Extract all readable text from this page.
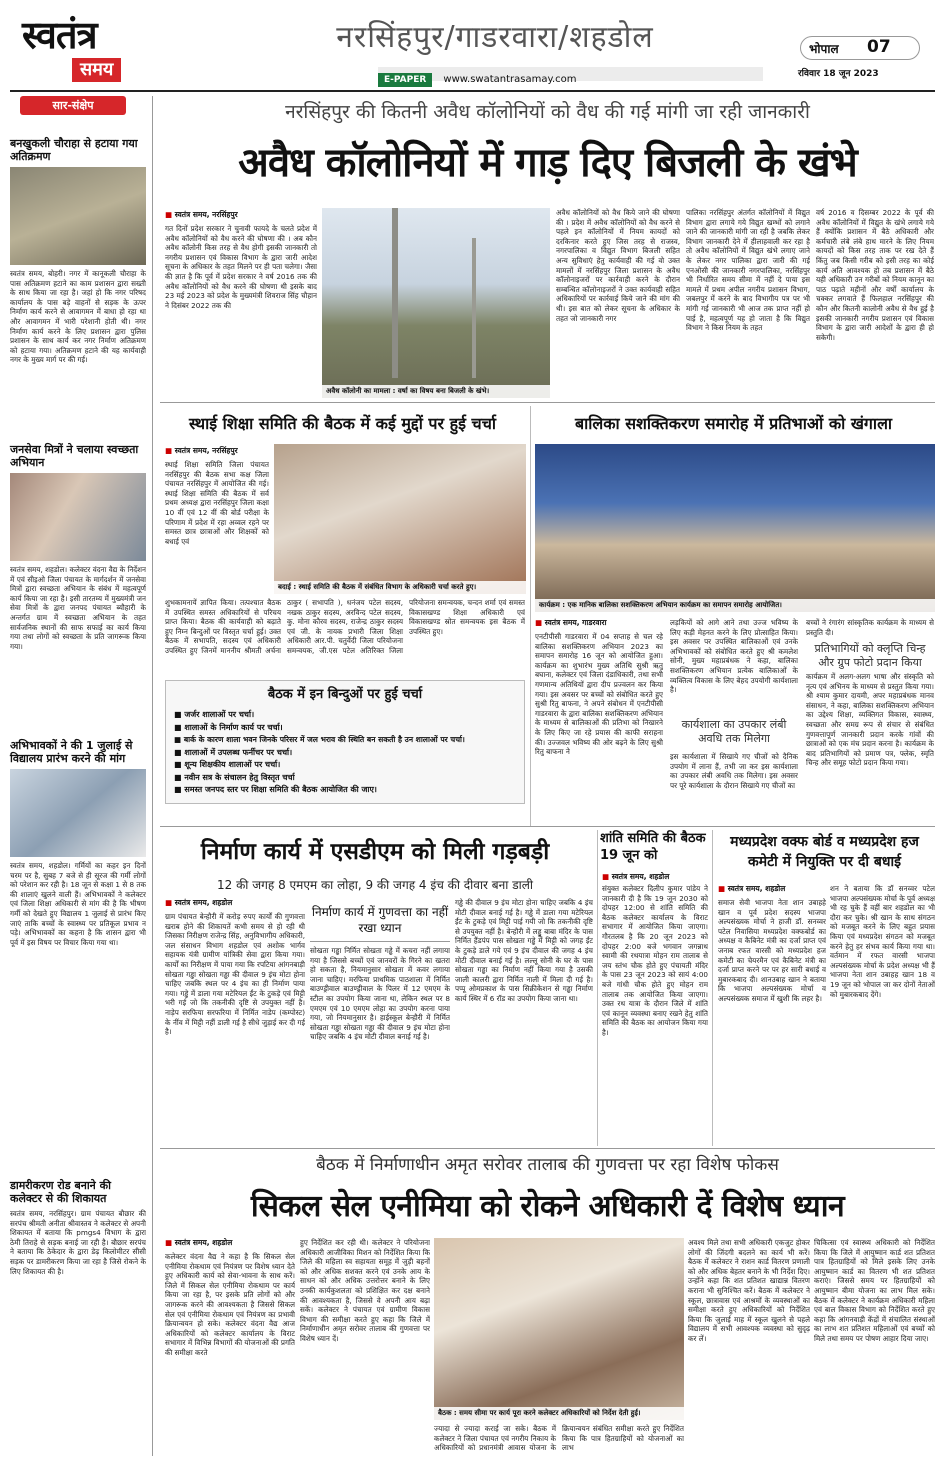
स्वतंत्र
समय
नरसिंहपुर/गाडरवारा/शहडोल
E-PAPER www.swatantrasamay.com
भोपाल 07
रविवार 18 जून 2023
सार-संक्षेप
बनखुकली चौराहा से हटाया गया अतिक्रमण
स्वतंत्र समय, बोहरी। नगर में कानूकली चौराहा के पास अतिक्रमण हटाने का काम प्रशासन द्वारा सख्ती के साथ किया जा रहा है। जहां हो कि नगर परिषद कार्यालय के पास बड़े वाहनों से सड़क के ऊपर निर्माण कार्य करने से आवागमन में बाधा हो रहा था और आवागमन में भारी परेशानी होती थी। नगर निर्माण कार्य करने के लिए प्रशासन द्वारा पुलिस प्रशासन के साथ कार्य कर नगर निर्माण अतिक्रमण को हटाया गया। अतिक्रमण हटाने की यह कार्यवाही नगर के मुख्य मार्ग पर की गई।
जनसेवा मित्रों ने चलाया स्वच्छता अभियान
स्वतंत्र समय, शहडोल। कलेक्टर वंदना वैद्य के निर्देशन में एवं सीइओ जिला पंचायत के मार्गदर्शन में जनसेवा मित्रों द्वारा स्वच्छता अभियान के संबंध में महत्वपूर्ण कार्य किया जा रहा है। इसी तारतम्य में मुख्यमंत्री जन सेवा मित्रों के द्वारा जनपद पंचायत ब्यौहारी के अन्तर्गत ग्राम में स्वच्छता अभियान के तहत सार्वजनिक स्थानों की साफ सफाई का कार्य किया गया तथा लोगों को स्वच्छता के प्रति जागरूक किया गया।
अभिभावकों ने की 1 जुलाई से विद्यालय प्रारंभ करने की मांग
स्वतंत्र समय, शहडोल। गर्मियों का कहर इन दिनों चरम पर है, सुबह 7 बजे से ही सूरज की गर्मी लोगों को परेशान कर रही है। 18 जून से कक्षा 1 से 8 तक की शालाएं खुलने वाली हैं। अभिभावकों ने कलेक्टर एवं जिला शिक्षा अधिकारी से मांग की है कि भीषण गर्मी को देखते हुए विद्यालय 1 जुलाई से प्रारंभ किए जाएं ताकि बच्चों के स्वास्थ्य पर प्रतिकूल प्रभाव न पड़े। अभिभावकों का कहना है कि शासन द्वारा भी पूर्व में इस विषय पर विचार किया गया था।
डामरीकरण रोड बनाने की कलेक्टर से की शिकायत
स्वतंत्र समय, नरसिंहपुर। ग्राम पंचायत बौछार की सरपंच श्रीमती अनीता श्रीवास्तव ने कलेक्टर से अपनी शिकायत में बताया कि pmgs4 विभाग के द्वारा ठेमी तिराहे से सड़क बनाई जा रही है। बौछार सरपंच ने बताया कि ठेकेदार के द्वारा डेढ़ किलोमीटर सीसी सड़क पर डामरीकरण किया जा रहा है जिसे रोकने के लिए शिकायत की है।
नरसिंहपुर की कितनी अवैध कॉलोनियों को वैध की गई मांगी जा रही जानकारी
अवैध कॉलोनियों में गाड़ दिए बिजली के खंभे
■ स्वतंत्र समय, नरसिंहपुर
गत दिनों प्रदेश सरकार ने चुनावी फायदे के चलते प्रदेश में अवैध कॉलोनियों को वैध करने की घोषणा की । अब कौन अवैध कॉलोनी किस तरह से वैध होगी इसकी जानकारी तो नगरीय प्रशासन एवं विकास विभाग के द्वारा जारी आदेश सूचना के अधिकार के तहत मिलने पर ही पता चलेगा। जैसा की ज्ञात है कि पूर्व में प्रदेश सरकार ने वर्ष 2016 तक की अवैध कॉलोनियों को वैध करने की घोषणा थी इसके बाद 23 मई 2023 को प्रदेश के मुख्यमंत्री शिवराज सिंह चौहान ने दिसंबर 2022 तक की
अवैध कॉलोनी का मामला : वर्षा का विषय बना बिजली के खंभे।
अवैध कॉलोनियों को वैध किये जाने की घोषणा की । प्रदेश में अवैध कॉलोनियों को वैध करने से पहले इन कॉलोनियों में नियम कायदों को दरकिनार करते हुए जिस तरह से राजस्व, नगरपालिका व विद्युत विभाग बिजली सहित अन्य सुविधाएं हेतु कार्यवाही की गई वो उक्त मामलों में नरसिंहपुर जिला प्रशासन के अवैध कॉलोनाइजरों पर कार्रवाही करने के दौरान सम्बन्धित कॉलोनाइजरों ने उक्त कार्यवाही सहित अधिकारियों पर कार्रवाई किये जाने की मांग की थी। इस बात को लेकर सूचना के अधिकार के तहत जो जानकारी नगर
पालिका नरसिंहपुर अंतर्गत कॉलोनियों में विद्युत विभाग द्वारा लगाये गये विद्युत खम्भों को लगाने जाने की जानकारी मांगी जा रही है जबकि लेकर विभाग जानकारी देने में हीलाहवाली कर रहा है तो अवैध कॉलोनियों में विद्युत खंभे लगाए जाने के लेकर नगर पालिका द्वारा जारी की गई एनओसी की जानकारी नगरपालिका, नरसिंहपुर भी निर्धारित समय सीमा में नहीं दे पाया इस मामले में प्रथम अपील नगरीय प्रशासन विभाग, जबलपुर में करने के बाद विभागीय पत्र पर भी मांगी गई जानकारी भी आज तक प्राप्त नहीं हो पाई है, महत्वपूर्ण यह हो जाता है कि विद्युत विभाग ने किस नियम के तहत
वर्ष 2016 व दिसम्बर 2022 के पूर्व की अवैध कॉलोनियों में विद्युत के खंभे लगाये गये हैं क्योंकि प्रशासन में बैठे अधिकारी और कर्मचारी लंबे लंबे हाथ मारने के लिए नियम कायदों को किस तरह ताक पर रख देते हैं किंतु जब किसी गरीब को इसी तरह का कोई कार्य अति आवश्यक हो तब प्रशासन में बैठे यही अधिकारी उन गरीबों को नियम कानून का पाठ पढ़ाते महीनों और वर्षों कार्यालय के चक्कर लगवाते हैं फिलहाल नरसिंहपुर की कौन और कितनी कालोनी अवैध से वैध हुई है इसकी जानकारी नगरीय प्रशासन एवं विकास विभाग के द्वारा जारी आदेशों के द्वारा ही हो सकेगी।
स्थाई शिक्षा समिति की बैठक में कई मुद्दों पर हुई चर्चा
■ स्वतंत्र समय, नरसिंहपुर
स्थाई शिक्षा समिति जिला पंचायत नरसिंहपुर की बैठक सभा कक्ष जिला पंचायत नरसिंहपुर में आयोजित की गई। स्थाई शिक्षा समिति की बैठक में सर्व प्रथम अध्यक्ष द्वारा नरसिंहपुर जिला कक्षा 10 वीं एवं 12 वीं की बोर्ड परीक्षा के परिणाम में प्रदेश में रहा अव्वल रहने पर समस्त छात्र छात्राओं और शिक्षकों को बधाई एवं
बदाई : स्थाई समिति की बैठक में संबंधित विभाग के अधिकारी चर्चा करते हुए।
शुभकामनायें ज्ञापित किया। तत्पश्चात बैठक में उपस्थित समस्त अधिकारियों से परिचय प्राप्त किया। बैठक की कार्यवाही को बढ़ाते हुए निम्न बिन्दुओं पर विस्तृत चर्चा हुई। उक्त बैठक में सभापति, सदस्य एवं अधिकारी उपस्थित हुए जिनमें माननीय श्रीमती अर्चना ठाकुर ( सभापति ), धनंजय पटेल सदस्य, नखक ठाकुर सदस्य, अरविन्द पटेल सदस्य, कु. मोना कौरव सदस्य, राजेन्द्र ठाकुर सदस्य एवं जी. के नायक प्रभारी जिला शिक्षा अधिकारी आर.पी. चतुर्वेदी जिला परियोजना समन्वयक, जी.एस पटेल अतिरिक्त जिला परियोजना समन्वयक, चन्दन शर्मा एवं समस्त विकासखण्ड शिक्षा अधिकारी एवं विकासखण्ड स्रोत समन्वयक इस बैठक में उपस्थित हुए।
बैठक में इन बिन्दुओं पर हुई चर्चा
■ जर्जर शालाओं पर चर्चा।
■ शालाओं के निर्माण कार्य पर चर्चा।
■ बार्क के कारण शाला भवन जिनके परिसर में जल भराव की स्थिति बन सकती है उन शालाओं पर चर्चा।
■ शालाओं में उपलब्ध फर्नीचर पर चर्चा।
■ शून्य शिक्षकीय शालाओं पर चर्चा।
■ नवीन सत्र के संचालन हेतु विस्तृत चर्चा
■ समस्त जनपद स्तर पर शिक्षा समिति की बैठक आयोजित की जाए।
बालिका सशक्तिकरण समारोह में प्रतिभाओं को खंगाला
कार्यक्रम : एक मानिक बालिका सशक्तिकरण अभियान कार्यक्रम का समापन समारोह आयोजित।
■ स्वतंत्र समय, गाडरवारा
एनटीपीसी गाडरवारा में 04 सप्ताह से चल रहे बालिका सशक्तिकरण अभियान 2023 का समापन समारोह 16 जून को आयोजित हुआ। कार्यक्रम का शुभारंभ मुख्य अतिथि सुश्री ऋतु बघाना, कलेक्टर एवं जिला दंडाधिकारी, तथा सभी गणमान्य अतिथियों द्वारा दीप प्रज्वलन कर किया गया। इस अवसर पर बच्चों को संबोधित करते हुए सुश्री रितु बाफना, ने अपने संबोधन में एनटीपीसी गाडरवारा के द्वारा बालिका सशक्तिकरण अभियान के माध्यम से बालिकाओं की प्रतिभा को निखारने के लिए किए जा रहे प्रयास की काफी सराहना की। उज्जवल भविष्य की ओर बढ़ने के लिए सुश्री रितु बाफना ने
लड़कियों को आगे आने तथा उज्ज भविष्य के लिए कड़ी मेहनत करने के लिए प्रोत्साहित किया। इस अवसर पर उपस्थित बालिकाओं एवं उनके अभिभावकों को संबोधित करते हुए श्री कमलेश सोनी, मुख्य महाप्रबंधक ने कहा, बालिका सशक्तिकरण अभियान प्रत्येक बालिकाओं के व्यक्तित्व विकास के लिए बेहद उपयोगी कार्यशाला है।
कार्यशाला का उपकार लंबी अवधि तक मिलेगा
इस कार्यशाला में सिखाये गए चीजों को दैनिक उपयोग में लाना हैं, तभी जा कर इस कार्यशाला का उपकार लंबी अवधि तक मिलेगा। इस अवसर पर पूरे कार्यशाला के दौरान सिखाये गए चीजों का
बच्चों ने रंगारंग सांस्कृतिक कार्यक्रम के माध्यम से प्रस्तुति दी।
प्रतिभागियों को क्लृप्ति चिन्ह और ग्रुप फोटो प्रदान किया
कार्यक्रम में अलग-अलग भाषा और संस्कृति को नृत्य एवं अभिनय के माध्यम से प्रस्तुत किया गया। श्री श्याम कुमार दायमी, अपर महाप्रबंधक मानव संसाधन, ने कहा, बालिका सशक्तिकरण अभियान का उद्देश्य शिक्षा, व्यक्तिगत विकास, स्वास्थ्य, स्वच्छता और समग्र रूप से संचार से संबंधित गुणवत्तापूर्ण जानकारी प्रदान करके गांवों की छात्राओं को एक मंच प्रदान करना है। कार्यक्रम के बाद प्रतिभागियों को प्रमाण पत्र, फ्लेक, स्मृति चिन्ह और समूह फोटो प्रदान किया गया।
निर्माण कार्य में एसडीएम को मिली गड़बड़ी
12 की जगह 8 एमएम का लोहा, 9 की जगह 4 इंच की दीवार बना डाली
■ स्वतंत्र समय, शहडोल
ग्राम पंचायत बेन्हौरी में करोड़ रुपए कार्यों की गुणवत्ता खराब होने की शिकायतें कभी समय से हो रही थी जिसका निरीक्षण राजेन्द्र सिंह, अनुविभागीय अधिकारी, जल संसाधन विभाग शहडोल एवं अशोक भार्गव सहायक यंत्री ग्रामीण यांत्रिकी सेवा द्वारा किया गया। कार्यों का निरीक्षण में पाया गया कि रपटिया आंगनबाड़ी सोखता गड्ढा सोखता गड्ढा की दीवाल 9 इंच मोटा होना चाहिए जबकि स्थल पर 4 इंच का ही निर्माण पाया गया। गड्ढे में डाला गया मटेरियल ईंट के टुकड़े एवं मिट्टी भरी गई जो कि तकनीकी दृष्टि से उपयुक्त नहीं है। नाड़ेप सरफिया सरफरिया में निर्मित नाडेप (कम्पोस्ट) के नींव में मिट्टी नहीं डाली गई है सीधे जुड़ाई कर दी गई है।
निर्माण कार्य में गुणवत्ता का नहीं रखा ध्यान
सोखता गड्ढा निर्मित सोखता गड्ढे में कचरा नहीं लगाया गया है जिससे बच्चों एवं जानवरों के गिरने का खतरा हो सकता है, नियमानुसार सोखता में कवर लगाया जाना चाहिए। मरफिया प्राथमिक पाठशाला में निर्मित बाउण्ड्रीवाल बाउण्ड्रीवाल के पिलर में 12 एमएम के स्टील का उपयोग किया जाना था, लेकिन स्थल पर 8 एमएम एवं 10 एमएम लोहा का उपयोग करना पाया गया, जो नियमानुसार है। हाईस्कूल बेन्हौरी में निर्मित सोखता गड्ढा सोखता गड्ढा की दीवाल 9 इंच मोटा होना चाहिए जबकि 4 इंच मोटी दीवाल बनाई गई है।
गड्ढे की दीवाल 9 इंच मोटा होना चाहिए जबकि 4 इंच मोटी दीवाल बनाई गई है। गड्ढे में डाला गया मटेरियल ईंट के टुकड़े एवं मिट्टी पाई गयी जो कि तकनीकी दृष्टि से उपयुक्त नहीं है। बेन्हौरी में लड्डू बाबा मंदिर के पास निर्मित हैंडपंप पास सोखता गड्ढे में मिट्टी को जगह ईंट के टुकड़े डाले गये एवं 9 इंच दीवाल की जगह 4 इंच मोटी दीवाल बनाई गई है। लल्लू सोनी के घर के पास सोखता गड्ढा का निर्माण नहीं किया गया है उसकी जाली कालरी द्वारा निर्मित नाली में मिला दी गई है। पप्पू ओमप्रकाश के पास सिक्रीकेशन से गड्ढा निर्माण कार्य स्थिर में 6 रॉड का उपयोग किया जाना था।
शांति समिति की बैठक 19 जून को
■ स्वतंत्र समय, शहडोल
संयुक्त कलेक्टर दिलीप कुमार पांडेय ने जानकारी दी है कि 19 जून 2030 को दोपहर 12:00 से शांति समिति की बैठक कलेक्टर कार्यालय के विराट सभागार में आयोजित किया जाएगा। गौरतलब है कि 20 जून 2023 को दोपहर 2:00 बजे भगवान जगन्नाथ स्वामी की रथयात्रा मोहन राम तालाब से जय स्तंभ चौक होते हुए पंचायती मंदिर के पास 23 जून 2023 को सायं 4:00 बजे गांधी चौक होते हुए मोहन राम तालाब तक आयोजित किया जाएगा। उक्त रथ यात्रा के दौरान जिले में शांति एवं कानून व्यवस्था बनाए रखने हेतु शांति समिति की बैठक का आयोजन किया गया है।
मध्यप्रदेश वक्फ बोर्ड व मध्यप्रदेश हज कमेटी में नियुक्ति पर दी बधाई
■ स्वतंत्र समय, शहडोल
समाज सेवी भाजपा नेता शान उबाहहे खान व पूर्व प्रदेश सदस्य भाजपा अल्पसंख्यक मोर्चा ने हाजी डॉ. सनव्वर पटेल निवासिया मध्यप्रदेश वक्फबोर्ड का अध्यक्ष व कैबिनेट मंत्री का दर्जा प्राप्त एवं जनाब रफत वारसी को मध्यप्रदेश हज कमेटी का चेयरमैन एवं कैबिनेट मंत्री का दर्जा प्राप्त करने पर पर हर सारी बधाई व मुबारकबाद दी। शानउबाह खान ने बताया कि भाजपा अल्पसंख्यक मोर्चा व अल्पसंख्यक समाज में खुशी कि लहर है।
शन ने बताया कि डॉ सनव्वर पटेल भाजपा अल्पसंख्यक मोर्चा के पूर्व अध्यक्ष भी रह चुके हैं वहीं बार शहडोल का भी दौरा कर चुके। श्री खान के साथ संगठन को मजबूत करने के लिए बहुत प्रयास किया एवं मध्यप्रदेश संगठन को मजबूत करने हेतु हर संभव कार्य किया गया था। वर्तमान में रफत वारसी भाजपा अल्पसंख्यक मोर्चा के प्रदेश अध्यक्ष भी हैं भाजपा नेता शान उबाहह खान 18 व 19 जून को भोपाल जा कर दोनों नेताओं को मुबारकबाद देंगे।
बैठक में निर्माणाधीन अमृत सरोवर तालाब की गुणवत्ता पर रहा विशेष फोकस
सिकल सेल एनीमिया को रोकने अधिकारी दें विशेष ध्यान
■ स्वतंत्र समय, शहडोल
कलेक्टर वंदना वैद्य ने कहा है कि सिकल सेल एनीमिया रोकथाम एवं नियंत्रण पर विशेष ध्यान देते हुए अधिकारी कार्य को सेवा-भावना के साथ करें। जिले में सिकल सेल एनीमिया रोकथाम पर कार्य किया जा रहा है, पर इसके प्रति लोगों को और जागरूक करने की आवश्यकता है जिससे सिकल सेल एवं एनीमिया रोकथाम एवं नियंत्रण का प्रभावी क्रियान्वयन हो सके। कलेक्टर वंदना वैद्य आज अधिकारियों को कलेक्टर कार्यालय के विराट सभागार में विभिन्न विभागों की योजनाओं की प्रगति की समीक्षा करते
हुए निर्देशित कर रही थी। कलेक्टर ने परियोजना अधिकारी आजीविका मिशन को निर्देशित किया कि जिले की महिला स्व सहायता समूह में जुड़ी बहनों को और अधिक सशक्त करने एवं उनके आय के साधन को और अधिक उत्तरोत्तर बनाने के लिए उनकी कार्यकुशलता को प्रशिक्षित कर दक्ष बनाने की आवश्यकता है, जिससे वे अपनी आय बढ़ा सकें। कलेक्टर ने पंचायत एवं ग्रामीण विकास विभाग की समीक्षा करते हुए कहा कि जिले में निर्माणाधीन अमृत सरोवर तालाब की गुणवत्ता पर विशेष ध्यान दें।
बैठक : समय सीमा पर कार्य पूरा करने कलेक्टर अधिकारियों को निर्देश देती हुई।
ज्यादा से ज्यादा कराई जा सके। बैठक में कलेक्टर ने जिला पंचायत एवं नगरीय निकाय के अधिकारियों को प्रधानमंत्री आवास योजना के क्रियान्वयन संबंधित समीक्षा करते हुए निर्देशित किया कि पात्र हितग्राहियों को योजनाओं का लाभ
अवश्य मिले तथा सभी अधिकारी एकजुट होकर लोगों की जिंदगी बदलने का कार्य भी करें। बैठक में कलेक्टर ने राशन कार्ड वितरण प्रणाली को और अधिक बेहतर बनाने के भी निर्देश दिए। उन्होंने कहा कि शत प्रतिशत खाद्यान्न वितरण कराना भी सुनिश्चित करें। बैठक में कलेक्टर ने स्कूल, छात्रावास एवं आश्रमों के व्यवस्थाओं का समीक्षा करते हुए अधिकारियों को निर्देशित किया कि जुलाई माह में स्कूल खुलने से पहले विद्यालय में सभी आवश्यक व्यवस्था को सुदृढ़ कर लें।
चिकित्सा एवं स्वास्थ्य अधिकारी को निर्देशित किया कि जिले में आयुष्मान कार्ड शत प्रतिशत पात्र हितग्राहियों को मिले इसके लिए उनके आयुष्मान कार्ड का वितरण भी शत प्रतिशत कराएं। जिससे समय पर हितग्राहियों को आयुष्मान बीमा योजना का लाभ मिल सके। बैठक में कलेक्टर ने कार्यक्रम अधिकारी महिला एवं बाल विकास विभाग को निर्देशित करते हुए कहा कि आंगनवाड़ी केंद्रों में संचालित संस्थाओं का लाभ शत प्रतिशत महिलाओं एवं बच्चों को मिले तथा समय पर पोषण आहार दिया जाए।
